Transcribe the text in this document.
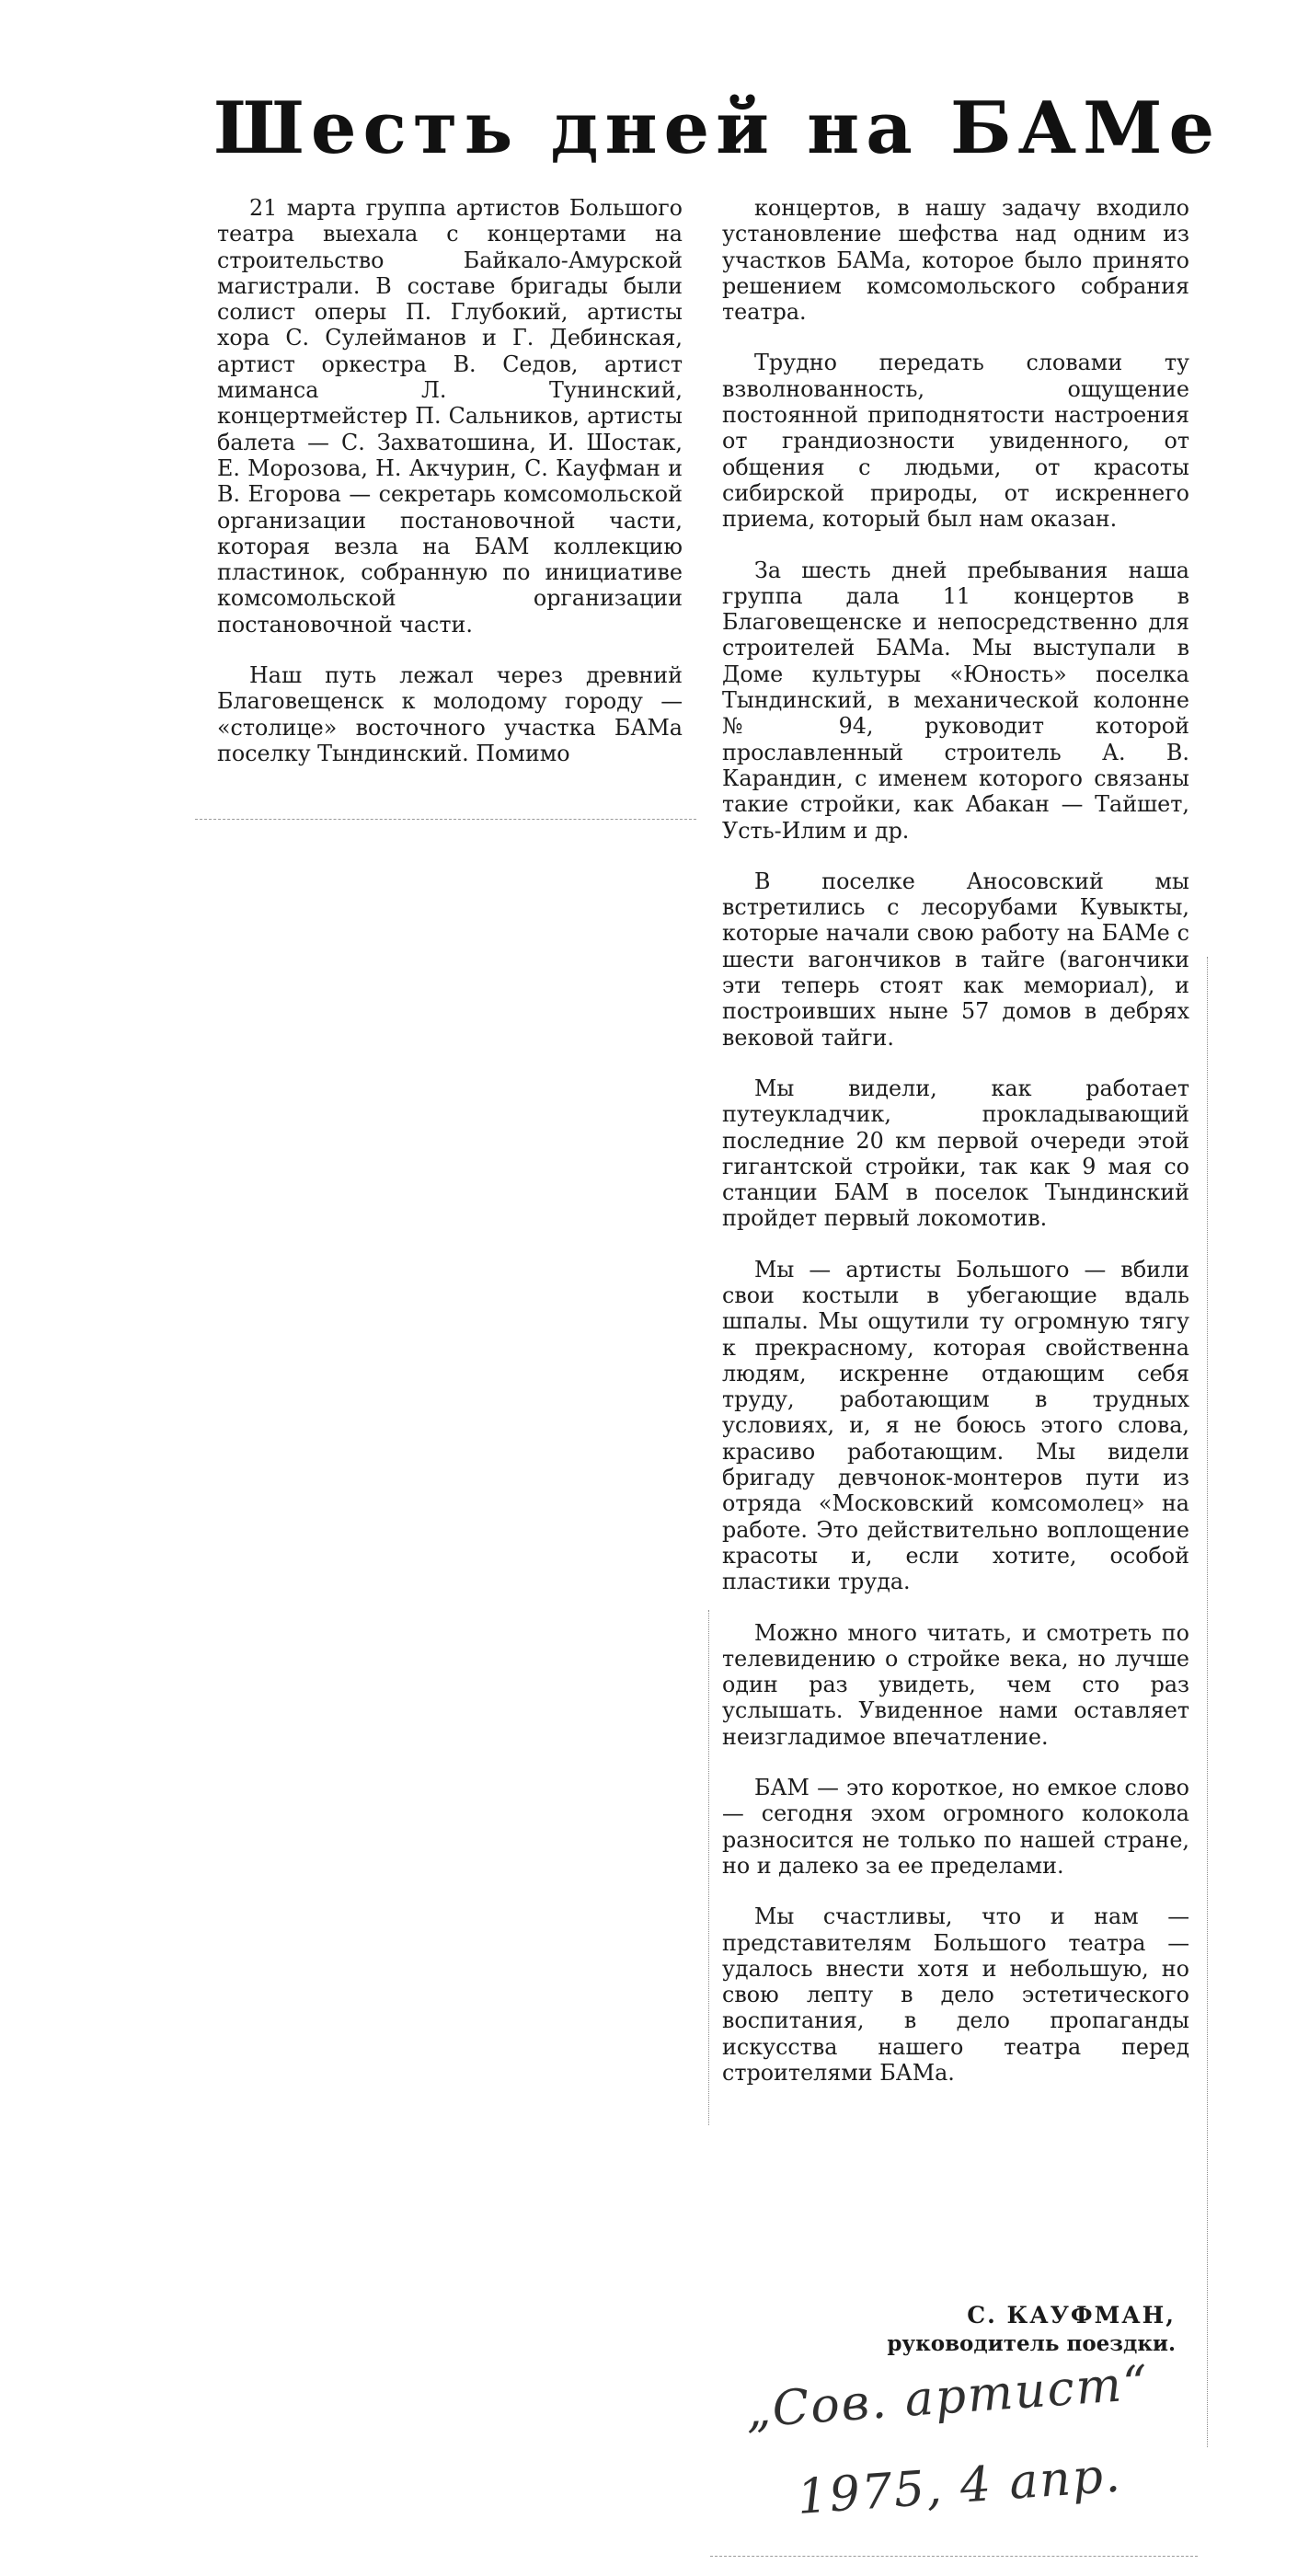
Шесть дней на БАМе

21 марта группа артистов Большого театра выехала с концертами на строительство Байкало-Амурской магистрали. В составе бригады были солист оперы П. Глубокий, артисты хора С. Сулейманов и Г. Дебинская, артист оркестра В. Седов, артист миманса Л. Тунинский, концертмейстер П. Сальников, артисты балета — С. Захватошина, И. Шостак, Е. Морозова, Н. Акчурин, С. Кауфман и В. Егорова — секретарь комсомольской организации постановочной части, которая везла на БАМ коллекцию пластинок, собранную по инициативе комсомольской организации постановочной части.

Наш путь лежал через древний Благовещенск к молодому городу — «столице» восточного участка БАМа поселку Тындинский. Помимо

концертов, в нашу задачу входило установление шефства над одним из участков БАМа, которое было принято решением комсомольского собрания театра.

Трудно передать словами ту взволнованность, ощущение постоянной приподнятости настроения от грандиозности увиденного, от общения с людьми, от красоты сибирской природы, от искреннего приема, который был нам оказан.

За шесть дней пребывания наша группа дала 11 концертов в Благовещенске и непосредственно для строителей БАМа. Мы выступали в Доме культуры «Юность» поселка Тындинский, в механической колонне № 94, руководит которой прославленный строитель А. В. Карандин, с именем которого связаны такие стройки, как Абакан — Тайшет, Усть-Илим и др.

В поселке Аносовский мы встретились с лесорубами Кувыкты, которые начали свою работу на БАМе с шести вагончиков в тайге (вагончики эти теперь стоят как мемориал), и построивших ныне 57 домов в дебрях вековой тайги.

Мы видели, как работает путеукладчик, прокладывающий последние 20 км первой очереди этой гигантской стройки, так как 9 мая со станции БАМ в поселок Тындинский пройдет первый локомотив.

Мы — артисты Большого — вбили свои костыли в убегающие вдаль шпалы. Мы ощутили ту огромную тягу к прекрасному, которая свойственна людям, искренне отдающим себя труду, работающим в трудных условиях, и, я не боюсь этого слова, красиво работающим. Мы видели бригаду девчонок-монтеров пути из отряда «Московский комсомолец» на работе. Это действительно воплощение красоты и, если хотите, особой пластики труда.

Можно много читать, и смотреть по телевидению о стройке века, но лучше один раз увидеть, чем сто раз услышать. Увиденное нами оставляет неизгладимое впечатление.

БАМ — это короткое, но емкое слово — сегодня эхом огромного колокола разносится не только по нашей стране, но и далеко за ее пределами.

Мы счастливы, что и нам — представителям Большого театра — удалось внести хотя и небольшую, но свою лепту в дело эстетического воспитания, в дело пропаганды искусства нашего театра перед строителями БАМа.

С. КАУФМАН,
руководитель поездки.
„Сов. артист“
1975, 4 апр.
